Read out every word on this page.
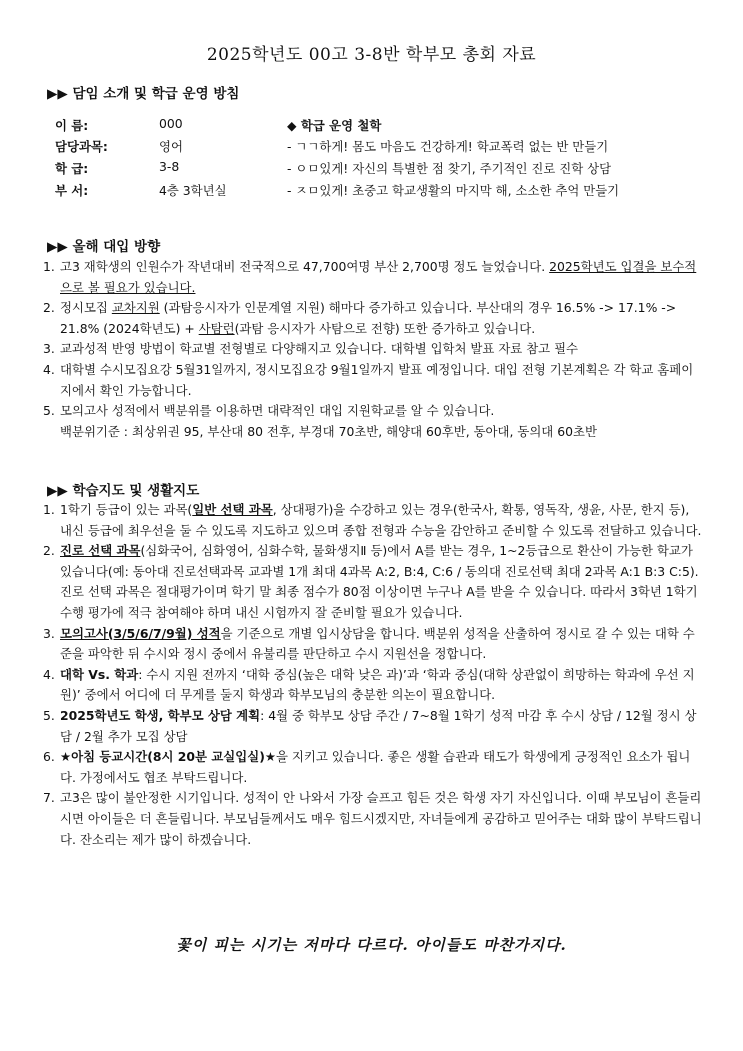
2025학년도 00고 3-8반 학부모 총회 자료
▶▶ 담임 소개 및 학급 운영 방침
이 름:	000
담당과목:	영어
학 급:	3-8
부 서:	4층 3학년실
◆ 학급 운영 철학
- ㄱㄱ하게! 몸도 마음도 건강하게! 학교폭력 없는 반 만들기
- ㅇㅁ있게! 자신의 특별한 점 찾기, 주기적인 진로 진학 상담
- ㅈㅁ있게! 초중고 학교생활의 마지막 해, 소소한 추억 만들기
▶▶ 올해 대입 방향
1. 고3 재학생의 인원수가 작년대비 전국적으로 47,700여명 부산 2,700명 정도 늘었습니다. 2025학년도 입결을 보수적으로 볼 필요가 있습니다.
2. 정시모집 교차지원 (과탐응시자가 인문계열 지원) 해마다 증가하고 있습니다. 부산대의 경우 16.5% -> 17.1% -> 21.8% (2024학년도) + 사탐런(과탐 응시자가 사탐으로 전향) 또한 증가하고 있습니다.
3. 교과성적 반영 방법이 학교별 전형별로 다양해지고 있습니다. 대학별 입학처 발표 자료 참고 필수
4. 대학별 수시모집요강 5월31일까지, 정시모집요강 9월1일까지 발표 예정입니다. 대입 전형 기본계획은 각 학교 홈페이지에서 확인 가능합니다.
5. 모의고사 성적에서 백분위를 이용하면 대략적인 대입 지원학교를 알 수 있습니다.
백분위기준 : 최상위권 95, 부산대 80 전후, 부경대 70초반, 해양대 60후반, 동아대, 동의대 60초반
▶▶ 학습지도 및 생활지도
1. 1학기 등급이 있는 과목(일반 선택 과목, 상대평가)을 수강하고 있는 경우(한국사, 확통, 영독작, 생윤, 사문, 한지 등), 내신 등급에 최우선을 둘 수 있도록 지도하고 있으며 종합 전형과 수능을 감안하고 준비할 수 있도록 전달하고 있습니다.
2. 진로 선택 과목(심화국어, 심화영어, 심화수학, 물화생지Ⅱ 등)에서 A를 받는 경우, 1~2등급으로 환산이 가능한 학교가 있습니다(예: 동아대 진로선택과목 교과별 1개 최대 4과목 A:2, B:4, C:6 / 동의대 진로선택 최대 2과목 A:1 B:3 C:5). 진로 선택 과목은 절대평가이며 학기 말 최종 점수가 80점 이상이면 누구나 A를 받을 수 있습니다. 따라서 3학년 1학기 수행 평가에 적극 참여해야 하며 내신 시험까지 잘 준비할 필요가 있습니다.
3. 모의고사(3/5/6/7/9월) 성적을 기준으로 개별 입시상담을 합니다. 백분위 성적을 산출하여 정시로 갈 수 있는 대학 수준을 파악한 뒤 수시와 정시 중에서 유불리를 판단하고 수시 지원선을 정합니다.
4. 대학 Vs. 학과: 수시 지원 전까지 ‘대학 중심(높은 대학 낮은 과)’과 ‘학과 중심(대학 상관없이 희망하는 학과에 우선 지원)’ 중에서 어디에 더 무게를 둘지 학생과 학부모님의 충분한 의논이 필요합니다.
5. 2025학년도 학생, 학부모 상담 계획: 4월 중 학부모 상담 주간 / 7~8월 1학기 성적 마감 후 수시 상담 / 12월 정시 상담 / 2월 추가 모집 상담
6. ★아침 등교시간(8시 20분 교실입실)★을 지키고 있습니다. 좋은 생활 습관과 태도가 학생에게 긍정적인 요소가 됩니다. 가정에서도 협조 부탁드립니다.
7. 고3은 많이 불안정한 시기입니다. 성적이 안 나와서 가장 슬프고 힘든 것은 학생 자기 자신입니다. 이때 부모님이 흔들리시면 아이들은 더 흔들립니다. 부모님들께서도 매우 힘드시겠지만, 자녀들에게 공감하고 믿어주는 대화 많이 부탁드립니다. 잔소리는 제가 많이 하겠습니다.
꽃이 피는 시기는 저마다 다르다. 아이들도 마찬가지다.
